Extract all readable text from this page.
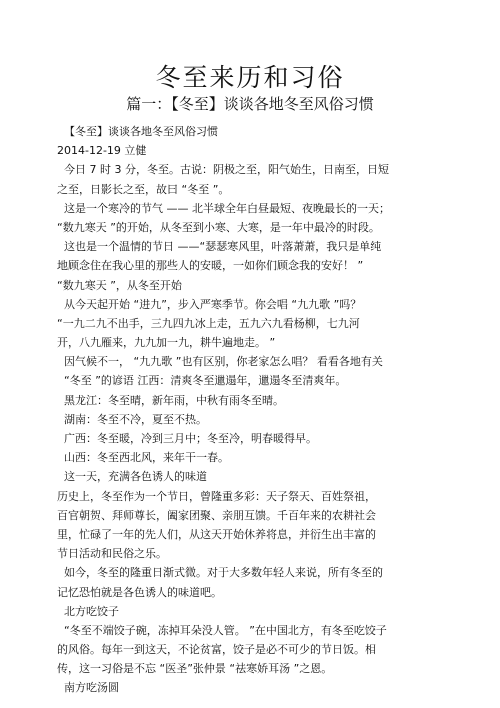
冬至来历和习俗
篇一：【冬至】谈谈各地冬至风俗习惯
【冬至】谈谈各地冬至风俗习惯
2014-12-19 立健
今日 7 时 3 分，冬至。古说：阴极之至，阳气始生，日南至，日短
之至，日影长之至，故曰 “冬至 ”。
这是一个寒冷的节气 —— 北半球全年白昼最短、夜晚最长的一天；
“数九寒天 ”的开始，从冬至到小寒、大寒，是一年中最冷的时段。
这也是一个温情的节日 ——“瑟瑟寒风里，叶落萧萧，我只是单纯
地顾念住在我心里的那些人的安暖，一如你们顾念我的安好！ ”
“数九寒天 ”，从冬至开始
从今天起开始 “进九”，步入严寒季节。你会唱 “九九歌 ”吗？
“一九二九不出手，三九四九冰上走，五九六九看杨柳，七九河
开，八九雁来，九九加一九，耕牛遍地走。 ”
因气候不一， “九九歌 ”也有区别，你老家怎么唱？ 看看各地有关
“冬至 ”的谚语 江西：清爽冬至邋遢年，邋遢冬至清爽年。
黑龙江：冬至晴，新年雨，中秋有雨冬至晴。
湖南：冬至不冷，夏至不热。
广西：冬至暖，冷到三月中；冬至冷，明春暖得早。
山西：冬至西北风，来年干一春。
这一天，充满各色诱人的味道
历史上，冬至作为一个节日，曾隆重多彩：天子祭天、百姓祭祖，
百官朝贺、拜师尊长，阖家团聚、亲朋互馈。千百年来的农耕社会
里，忙碌了一年的先人们，从这天开始休养将息，并衍生出丰富的
节日活动和民俗之乐。
如今，冬至的隆重日渐式微。对于大多数年轻人来说，所有冬至的
记忆恐怕就是各色诱人的味道吧。
北方吃饺子
“冬至不端饺子碗，冻掉耳朵没人管。 ”在中国北方，有冬至吃饺子
的风俗。每年一到这天，不论贫富，饺子是必不可少的节日饭。相
传，这一习俗是不忘 “医圣”张仲景 “祛寒娇耳汤 ”之恩。
南方吃汤圆
